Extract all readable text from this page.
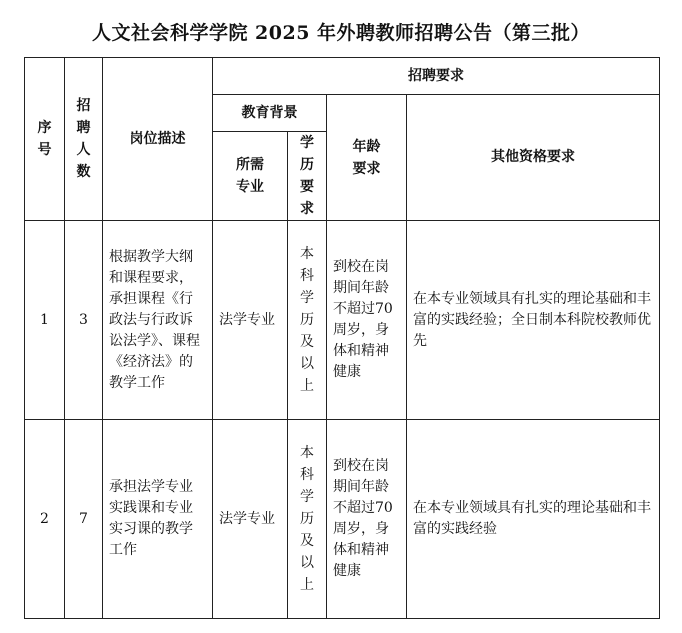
人文社会科学学院 2025 年外聘教师招聘公告（第三批）
序号	招聘人数	岗位描述	招聘要求			
			教育背景		年龄要求	其他资格要求

			所需专业	学历要求		

1	3	根据教学大纲和课程要求，承担课程《行政法与行政诉讼法学》、课程《经济法》的教学工作	法学专业	本科学历及以上	到校在岗期间年龄不超过70周岁，身体和精神健康	在本专业领域具有扎实的理论基础和丰富的实践经验；全日制本科院校教师优先
2	7	承担法学专业实践课和专业实习课的教学工作	法学专业	本科学历及以上	到校在岗期间年龄不超过70周岁，身体和精神健康	在本专业领域具有扎实的理论基础和丰富的实践经验
